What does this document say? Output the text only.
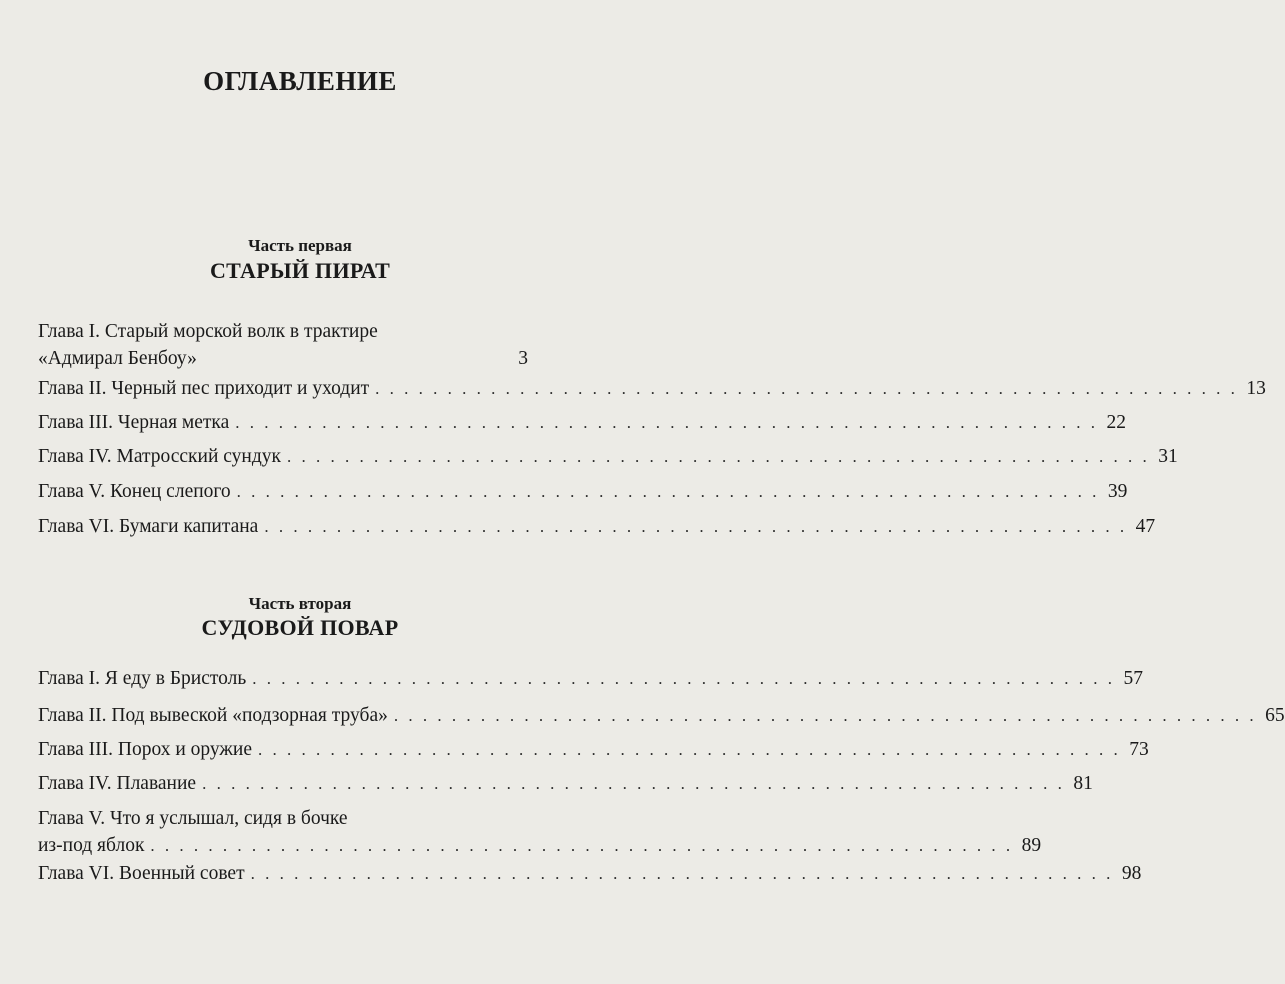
ОГЛАВЛЕНИЕ
Часть первая
СТАРЫЙ ПИРАТ
Глава I. Старый морской волк в трактире
«Адмирал Бенбоу»	3
Глава II. Черный пес приходит и уходит . . . . . . . . . . . . . . . . . . . . . . . . . . . . . . . . . . . . . . . . . . . . . . . . . . . . . . . . . . . . 13
Глава III. Черная метка . . . . . . . . . . . . . . . . . . . . . . . . . . . . . . . . . . . . . . . . . . . . . . . . . . . . . . . . . . . . 22
Глава IV. Матросский сундук . . . . . . . . . . . . . . . . . . . . . . . . . . . . . . . . . . . . . . . . . . . . . . . . . . . . . . . . . . . . 31
Глава V. Конец слепого . . . . . . . . . . . . . . . . . . . . . . . . . . . . . . . . . . . . . . . . . . . . . . . . . . . . . . . . . . . . 39
Глава VI. Бумаги капитана . . . . . . . . . . . . . . . . . . . . . . . . . . . . . . . . . . . . . . . . . . . . . . . . . . . . . . . . . . . . 47
Часть вторая
СУДОВОЙ ПОВАР
Глава I. Я еду в Бристоль . . . . . . . . . . . . . . . . . . . . . . . . . . . . . . . . . . . . . . . . . . . . . . . . . . . . . . . . . . . . 57
Глава II. Под вывеской «подзорная труба» . . . . . . . . . . . . . . . . . . . . . . . . . . . . . . . . . . . . . . . . . . . . . . . . . . . . . . . . . . . . 65
Глава III. Порох и оружие . . . . . . . . . . . . . . . . . . . . . . . . . . . . . . . . . . . . . . . . . . . . . . . . . . . . . . . . . . . . 73
Глава IV. Плавание . . . . . . . . . . . . . . . . . . . . . . . . . . . . . . . . . . . . . . . . . . . . . . . . . . . . . . . . . . . . 81
Глава V. Что я услышал, сидя в бочке
из-под яблок . . . . . . . . . . . . . . . . . . . . . . . . . . . . . . . . . . . . . . . . . . . . . . . . . . . . . . . . . . . . 89
Глава VI. Военный совет . . . . . . . . . . . . . . . . . . . . . . . . . . . . . . . . . . . . . . . . . . . . . . . . . . . . . . . . . . . . 98
